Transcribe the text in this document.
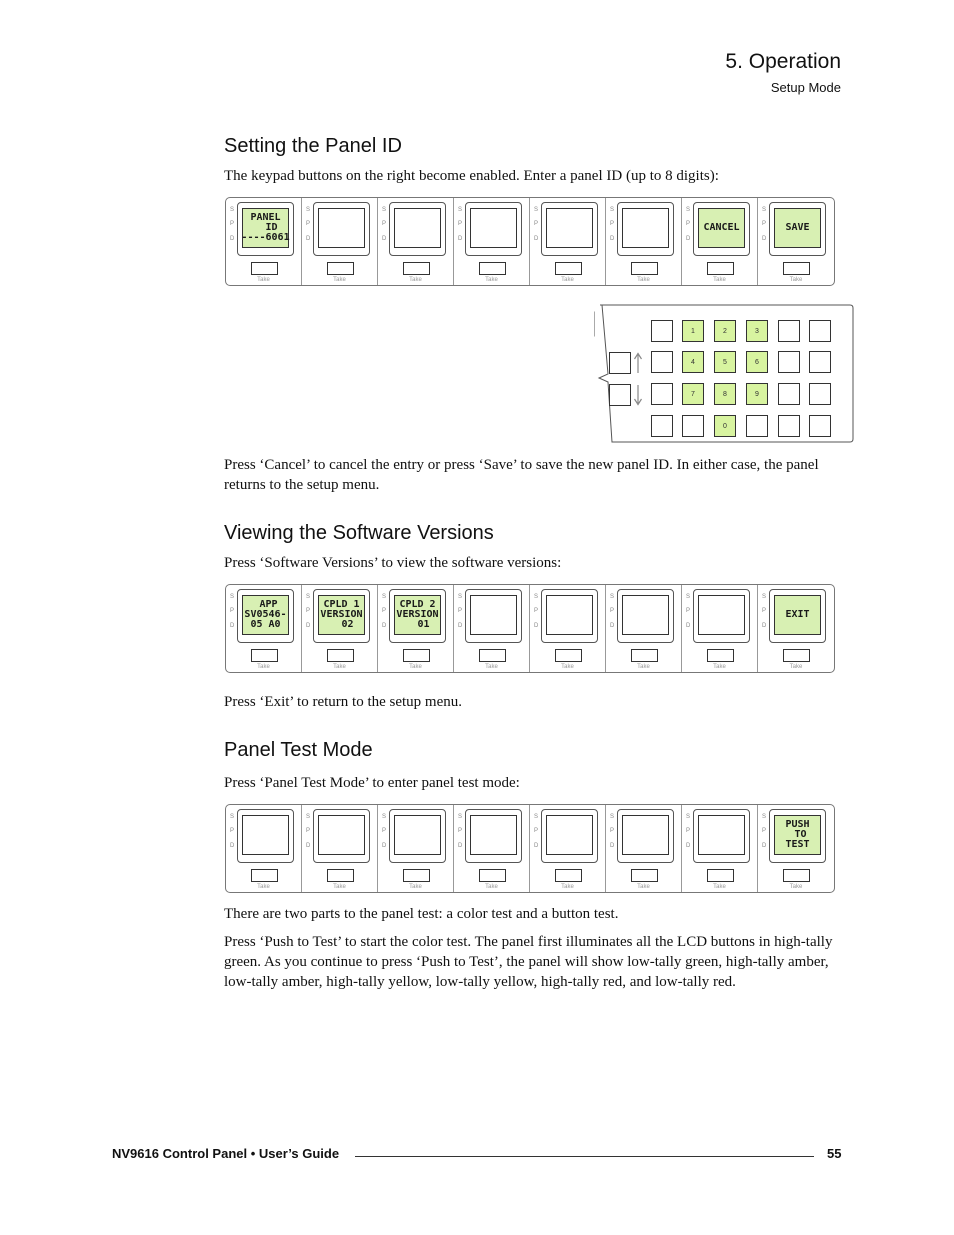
5. Operation
Setup Mode
Setting the Panel ID

The keypad buttons on the right become enabled. Enter a panel ID (up to 8 digits):

S
P
D
PANEL
ID
----6061
Take
S
P
D
Take
S
P
D
Take
S
P
D
Take
S
P
D
Take
S
P
D
Take
S
P
D
CANCEL
Take
S
P
D
SAVE
Take
1	2	3
4	5	6
7	8	9
0

Press ‘Cancel’ to cancel the entry or press ‘Save’ to save the new panel ID. In either case, the panel returns to the setup menu.

Viewing the Software Versions

Press ‘Software Versions’ to view the software versions:

S
P
D
APP
SV0546-
05 A0
Take
S
P
D
CPLD 1
VERSION
02
Take
S
P
D
CPLD 2
VERSION
01
Take
S
P
D
Take
S
P
D
Take
S
P
D
Take
S
P
D
Take
S
P
D
EXIT
Take

Press ‘Exit’ to return to the setup menu.

Panel Test Mode

Press ‘Panel Test Mode’ to enter panel test mode:

S
P
D
Take
S
P
D
Take
S
P
D
Take
S
P
D
Take
S
P
D
Take
S
P
D
Take
S
P
D
Take
S
P
D
PUSH
TO
TEST
Take

There are two parts to the panel test: a color test and a button test.

Press ‘Push to Test’ to start the color test. The panel first illuminates all the LCD buttons in high-tally green. As you continue to press ‘Push to Test’, the panel will show low-tally green, high-tally amber, low-tally amber, high-tally yellow, low-tally yellow, high-tally red, and low-tally red.

NV9616 Control Panel • User’s Guide	55
